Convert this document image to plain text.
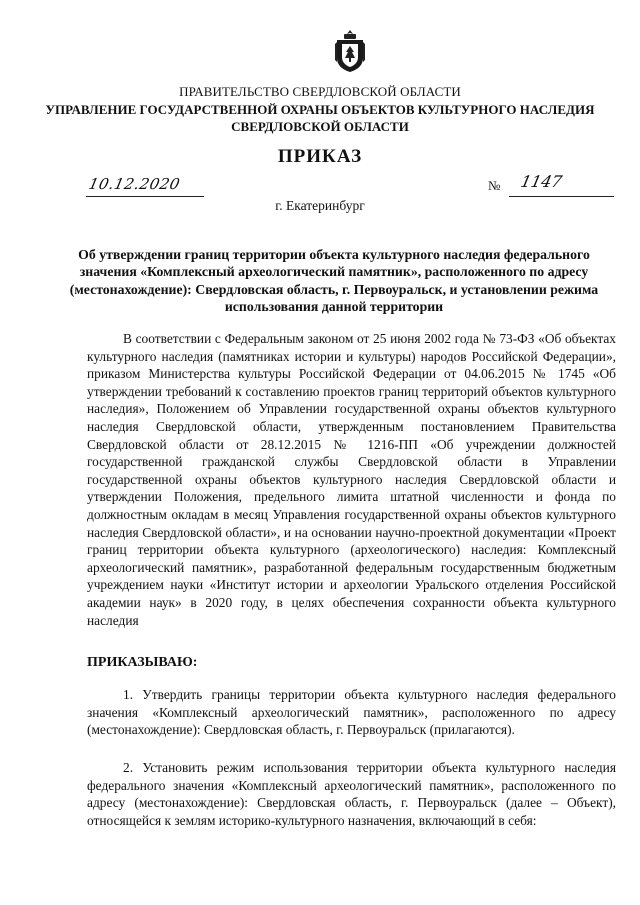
ПРАВИТЕЛЬСТВО СВЕРДЛОВСКОЙ ОБЛАСТИ
УПРАВЛЕНИЕ ГОСУДАРСТВЕННОЙ ОХРАНЫ ОБЪЕКТОВ КУЛЬТУРНОГО НАСЛЕДИЯ СВЕРДЛОВСКОЙ ОБЛАСТИ
ПРИКАЗ
10.12.2020	№ 1147
г. Екатеринбург
Об утверждении границ территории объекта культурного наследия федерального значения «Комплексный археологический памятник», расположенного по адресу (местонахождение): Свердловская область, г. Первоуральск, и установлении режима использования данной территории

В соответствии с Федеральным законом от 25 июня 2002 года № 73-ФЗ «Об объектах культурного наследия (памятниках истории и культуры) народов Российской Федерации», приказом Министерства культуры Российской Федерации от 04.06.2015 № 1745 «Об утверждении требований к составлению проектов границ территорий объектов культурного наследия», Положением об Управлении государственной охраны объектов культурного наследия Свердловской области, утвержденным постановлением Правительства Свердловской области от 28.12.2015 № 1216-ПП «Об учреждении должностей государственной гражданской службы Свердловской области в Управлении государственной охраны объектов культурного наследия Свердловской области и утверждении Положения, предельного лимита штатной численности и фонда по должностным окладам в месяц Управления государственной охраны объектов культурного наследия Свердловской области», и на основании научно-проектной документации «Проект границ территории объекта культурного (археологического) наследия: Комплексный археологический памятник», разработанной федеральным государственным бюджетным учреждением науки «Институт истории и археологии Уральского отделения Российской академии наук» в 2020 году, в целях обеспечения сохранности объекта культурного наследия

ПРИКАЗЫВАЮ:

1. Утвердить границы территории объекта культурного наследия федерального значения «Комплексный археологический памятник», расположенного по адресу (местонахождение): Свердловская область, г. Первоуральск (прилагаются).

2. Установить режим использования территории объекта культурного наследия федерального значения «Комплексный археологический памятник», расположенного по адресу (местонахождение): Свердловская область, г. Первоуральск (далее – Объект), относящейся к землям историко-культурного назначения, включающий в себя:
